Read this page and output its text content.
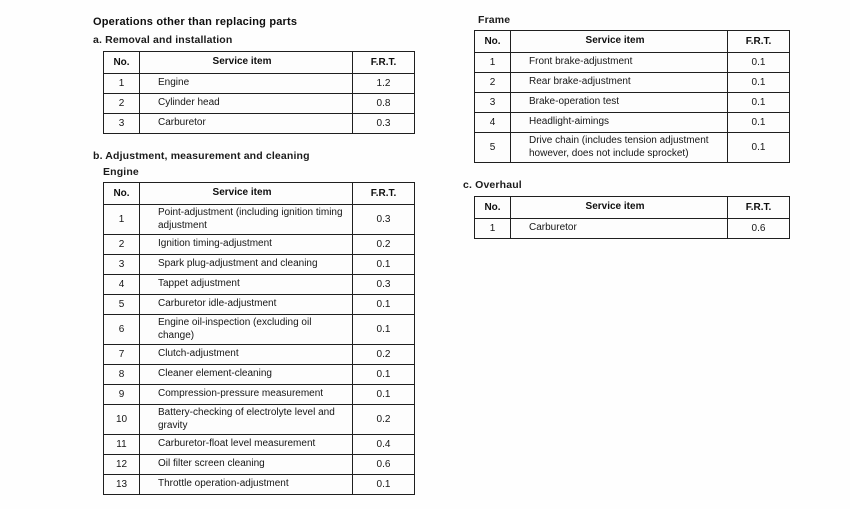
Operations other than replacing parts
a. Removal and installation
No.	Service item	F.R.T.
1	Engine	1.2
2	Cylinder head	0.8
3	Carburetor	0.3
b. Adjustment, measurement and cleaning
Engine
No.	Service item	F.R.T.
1	Point-adjustment (including ignition timing adjustment	0.3
2	Ignition timing-adjustment	0.2
3	Spark plug-adjustment and cleaning	0.1
4	Tappet adjustment	0.3
5	Carburetor idle-adjustment	0.1
6	Engine oil-inspection (excluding oil change)	0.1
7	Clutch-adjustment	0.2
8	Cleaner element-cleaning	0.1
9	Compression-pressure measurement	0.1
10	Battery-checking of electrolyte level and gravity	0.2
11	Carburetor-float level measurement	0.4
12	Oil filter screen cleaning	0.6
13	Throttle operation-adjustment	0.1
Frame
No.	Service item	F.R.T.
1	Front brake-adjustment	0.1
2	Rear brake-adjustment	0.1
3	Brake-operation test	0.1
4	Headlight-aimings	0.1
5	Drive chain (includes tension adjustment however, does not include sprocket)	0.1
c. Overhaul
No.	Service item	F.R.T.
1	Carburetor	0.6
